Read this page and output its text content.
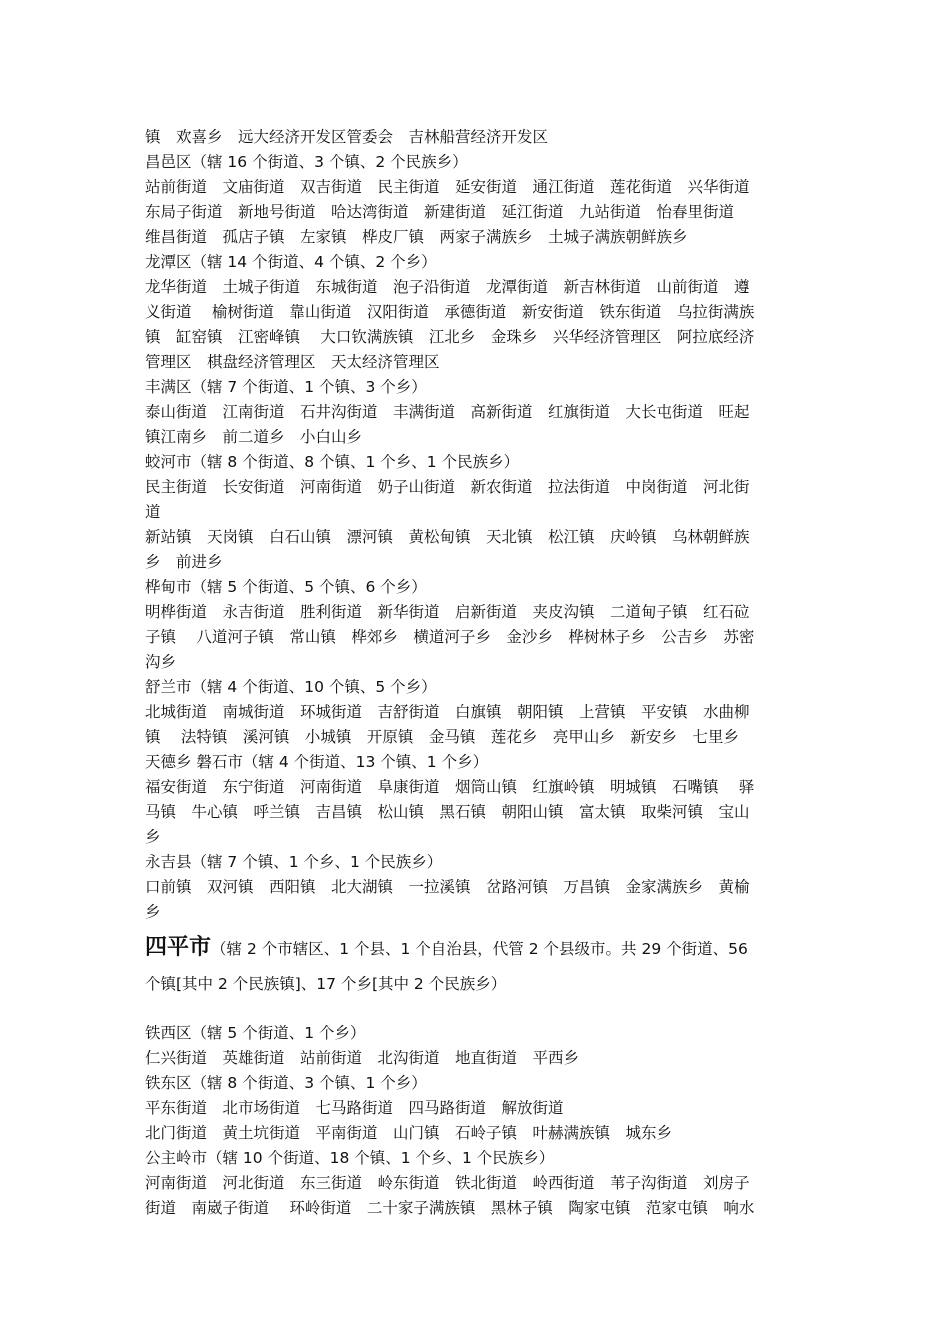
镇　欢喜乡　远大经济开发区管委会　吉林船营经济开发区
昌邑区（辖 16 个街道、3 个镇、2 个民族乡）
站前街道　文庙街道　双吉街道　民主街道　延安街道　通江街道　莲花街道　兴华街道
东局子街道　新地号街道　哈达湾街道　新建街道　延江街道　九站街道　怡春里街道
维昌街道　孤店子镇　左家镇　桦皮厂镇　两家子满族乡　土城子满族朝鲜族乡
龙潭区（辖 14 个街道、4 个镇、2 个乡）
龙华街道　土城子街道　东城街道　泡子沿街道　龙潭街道　新吉林街道　山前街道　遵
义街道　 榆树街道　靠山街道　汉阳街道　承德街道　新安街道　铁东街道　乌拉街满族
镇　缸窑镇　江密峰镇　 大口钦满族镇　江北乡　金珠乡　兴华经济管理区　阿拉底经济
管理区　棋盘经济管理区　天太经济管理区
丰满区（辖 7 个街道、1 个镇、3 个乡）
泰山街道　江南街道　石井沟街道　丰满街道　高新街道　红旗街道　大长屯街道　旺起
镇江南乡　前二道乡　小白山乡
蛟河市（辖 8 个街道、8 个镇、1 个乡、1 个民族乡）
民主街道　长安街道　河南街道　奶子山街道　新农街道　拉法街道　中岗街道　河北街
道
新站镇　天岗镇　白石山镇　漂河镇　黄松甸镇　天北镇　松江镇　庆岭镇　乌林朝鲜族
乡　前进乡
桦甸市（辖 5 个街道、5 个镇、6 个乡）
明桦街道　永吉街道　胜利街道　新华街道　启新街道　夹皮沟镇　二道甸子镇　红石砬
子镇　 八道河子镇　常山镇　桦郊乡　横道河子乡　金沙乡　桦树林子乡　公吉乡　苏密
沟乡
舒兰市（辖 4 个街道、10 个镇、5 个乡）
北城街道　南城街道　环城街道　吉舒街道　白旗镇　朝阳镇　上营镇　平安镇　水曲柳
镇　 法特镇　溪河镇　小城镇　开原镇　金马镇　莲花乡　亮甲山乡　新安乡　七里乡
天德乡 磐石市（辖 4 个街道、13 个镇、1 个乡）
福安街道　东宁街道　河南街道　阜康街道　烟筒山镇　红旗岭镇　明城镇　石嘴镇　 驿
马镇　牛心镇　呼兰镇　吉昌镇　松山镇　黑石镇　朝阳山镇　富太镇　取柴河镇　宝山
乡
永吉县（辖 7 个镇、1 个乡、1 个民族乡）
口前镇　双河镇　西阳镇　北大湖镇　一拉溪镇　岔路河镇　万昌镇　金家满族乡　黄榆
乡
四平市（辖 2 个市辖区、1 个县、1 个自治县，代管 2 个县级市。共 29 个街道、56
个镇[其中 2 个民族镇]、17 个乡[其中 2 个民族乡）
铁西区（辖 5 个街道、1 个乡）
仁兴街道　英雄街道　站前街道　北沟街道　地直街道　平西乡
铁东区（辖 8 个街道、3 个镇、1 个乡）
平东街道　北市场街道　七马路街道　四马路街道　解放街道
北门街道　黄土坑街道　平南街道　山门镇　石岭子镇　叶赫满族镇　城东乡
公主岭市（辖 10 个街道、18 个镇、1 个乡、1 个民族乡）
河南街道　河北街道　东三街道　岭东街道　铁北街道　岭西街道　苇子沟街道　刘房子
街道　南崴子街道　 环岭街道　二十家子满族镇　黑林子镇　陶家屯镇　范家屯镇　响水
